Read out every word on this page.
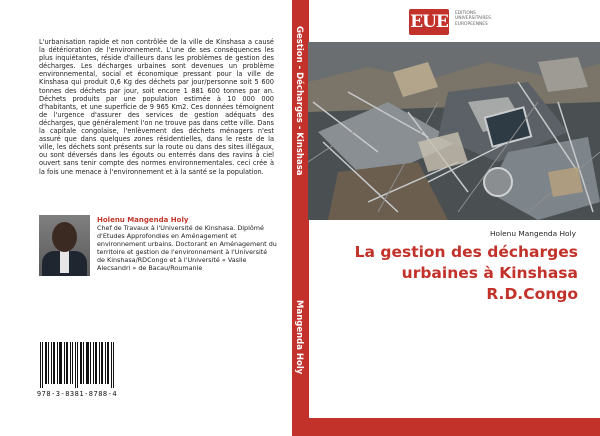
L'urbanisation rapide et non contrôlée de la ville de Kinshasa a causé la détérioration de l'environnement. L'une de ses conséquences les plus inquiétantes, réside d'ailleurs dans les problèmes de gestion des décharges. Les décharges urbaines sont devenues un problème environnemental, social et économique pressant pour la ville de Kinshasa qui produit 0,6 Kg des déchets par jour/personne soit 5 600 tonnes des déchets par jour, soit encore 1 881 600 tonnes par an. Déchets produits par une population estimée à 10 000 000 d'habitants, et une superficie de 9 965 Km2. Ces données témoignent de l'urgence d'assurer des services de gestion adéquats des décharges, que généralement l'on ne trouve pas dans cette ville. Dans la capitale congolaise, l'enlèvement des déchets ménagers n'est assuré que dans quelques zones résidentielles, dans le reste de la ville, les déchets sont présents sur la route ou dans des sites illégaux, ou sont déversés dans les égouts ou enterrés dans des ravins à ciel ouvert sans tenir compte des normes environnementales. ceci crée à la fois une menace à l'environnement et à la santé se la population.
Holenu Mangenda Holy
Chef de Travaux à l'Université de Kinshasa. Diplômé d'Etudes Approfondies en Aménagement et environnement urbains. Doctorant en Aménagement du territoire et gestion de l'environnement à l'Université de Kinshasa/RDCongo et à l'Université « Vasile Alecsandri » de Bacau/Roumanie
978-3-8381-8788-4
Gestion - Décharges - Kinshasa
Mangenda Holy
EUE EDITIONS
UNIVERSITAIRES
EUROPEENNES
Holenu Mangenda Holy
La gestion des décharges
urbaines à Kinshasa
R.D.Congo
